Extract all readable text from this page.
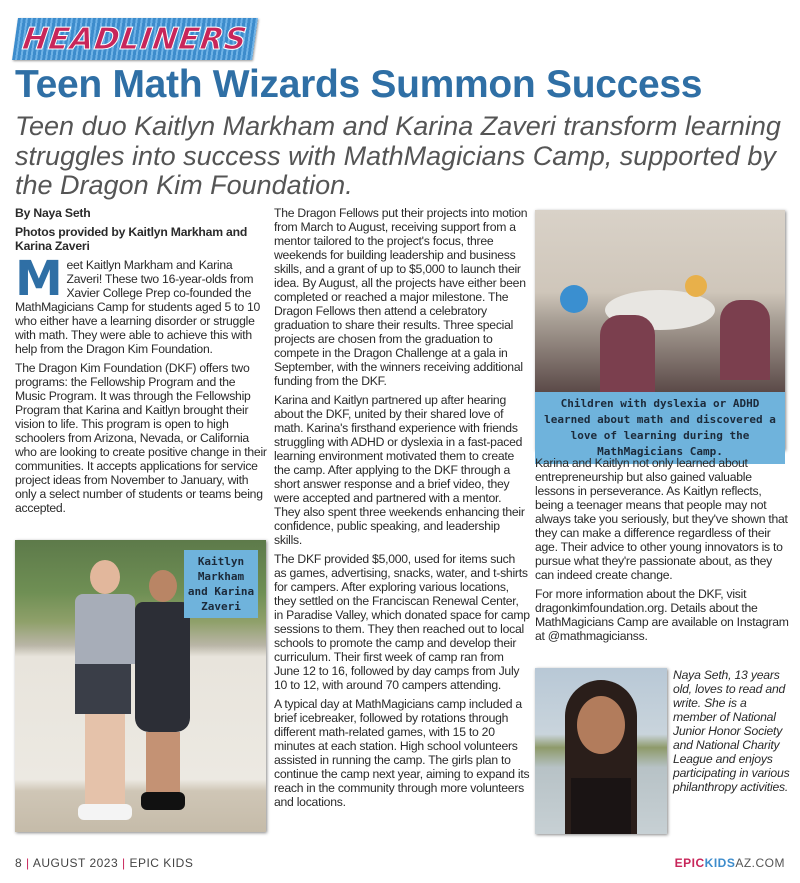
HEADLINERS
Teen Math Wizards Summon Success
Teen duo Kaitlyn Markham and Karina Zaveri transform learning struggles into success with MathMagicians Camp, supported by the Dragon Kim Foundation.
By Naya Seth
Photos provided by Kaitlyn Markham and Karina Zaveri

Meet Kaitlyn Markham and Karina Zaveri! These two 16-year-olds from Xavier College Prep co-founded the MathMagicians Camp for students aged 5 to 10 who either have a learning disorder or struggle with math. They were able to achieve this with help from the Dragon Kim Foundation.

The Dragon Kim Foundation (DKF) offers two programs: the Fellowship Program and the Music Program. It was through the Fellowship Program that Karina and Kaitlyn brought their vision to life. This program is open to high schoolers from Arizona, Nevada, or California who are looking to create positive change in their communities. It accepts applications for service project ideas from November to January, with only a select number of students or teams being accepted.

Kaitlyn Markham and Karina Zaveri

The Dragon Fellows put their projects into motion from March to August, receiving support from a mentor tailored to the project's focus, three weekends for building leadership and business skills, and a grant of up to $5,000 to launch their idea. By August, all the projects have either been completed or reached a major milestone. The Dragon Fellows then attend a celebratory graduation to share their results. Three special projects are chosen from the graduation to compete in the Dragon Challenge at a gala in September, with the winners receiving additional funding from the DKF.

Karina and Kaitlyn partnered up after hearing about the DKF, united by their shared love of math. Karina's firsthand experience with friends struggling with ADHD or dyslexia in a fast-paced learning environment motivated them to create the camp. After applying to the DKF through a short answer response and a brief video, they were accepted and partnered with a mentor. They also spent three weekends enhancing their confidence, public speaking, and leadership skills.

The DKF provided $5,000, used for items such as games, advertising, snacks, water, and t-shirts for campers. After exploring various locations, they settled on the Franciscan Renewal Center, in Paradise Valley, which donated space for camp sessions to them. They then reached out to local schools to promote the camp and develop their curriculum. Their first week of camp ran from June 12 to 16, followed by day camps from July 10 to 12, with around 70 campers attending.

A typical day at MathMagicians camp included a brief icebreaker, followed by rotations through different math-related games, with 15 to 20 minutes at each station. High school volunteers assisted in running the camp. The girls plan to continue the camp next year, aiming to expand its reach in the community through more volunteers and locations.

Children with dyslexia or ADHD learned about math and discovered a love of learning during the MathMagicians Camp.

Karina and Kaitlyn not only learned about entrepreneurship but also gained valuable lessons in perseverance. As Kaitlyn reflects, being a teenager means that people may not always take you seriously, but they've shown that they can make a difference regardless of their age. Their advice to other young innovators is to pursue what they're passionate about, as they can indeed create change.

For more information about the DKF, visit dragonkimfoundation.org. Details about the MathMagicians Camp are available on Instagram at @mathmagicianss.

Naya Seth, 13 years old, loves to read and write. She is a member of National Junior Honor Society and National Charity League and enjoys participating in various philanthropy activities.
8 | AUGUST 2023 | EPIC KIDS	EPICKIDSAZ.COM
